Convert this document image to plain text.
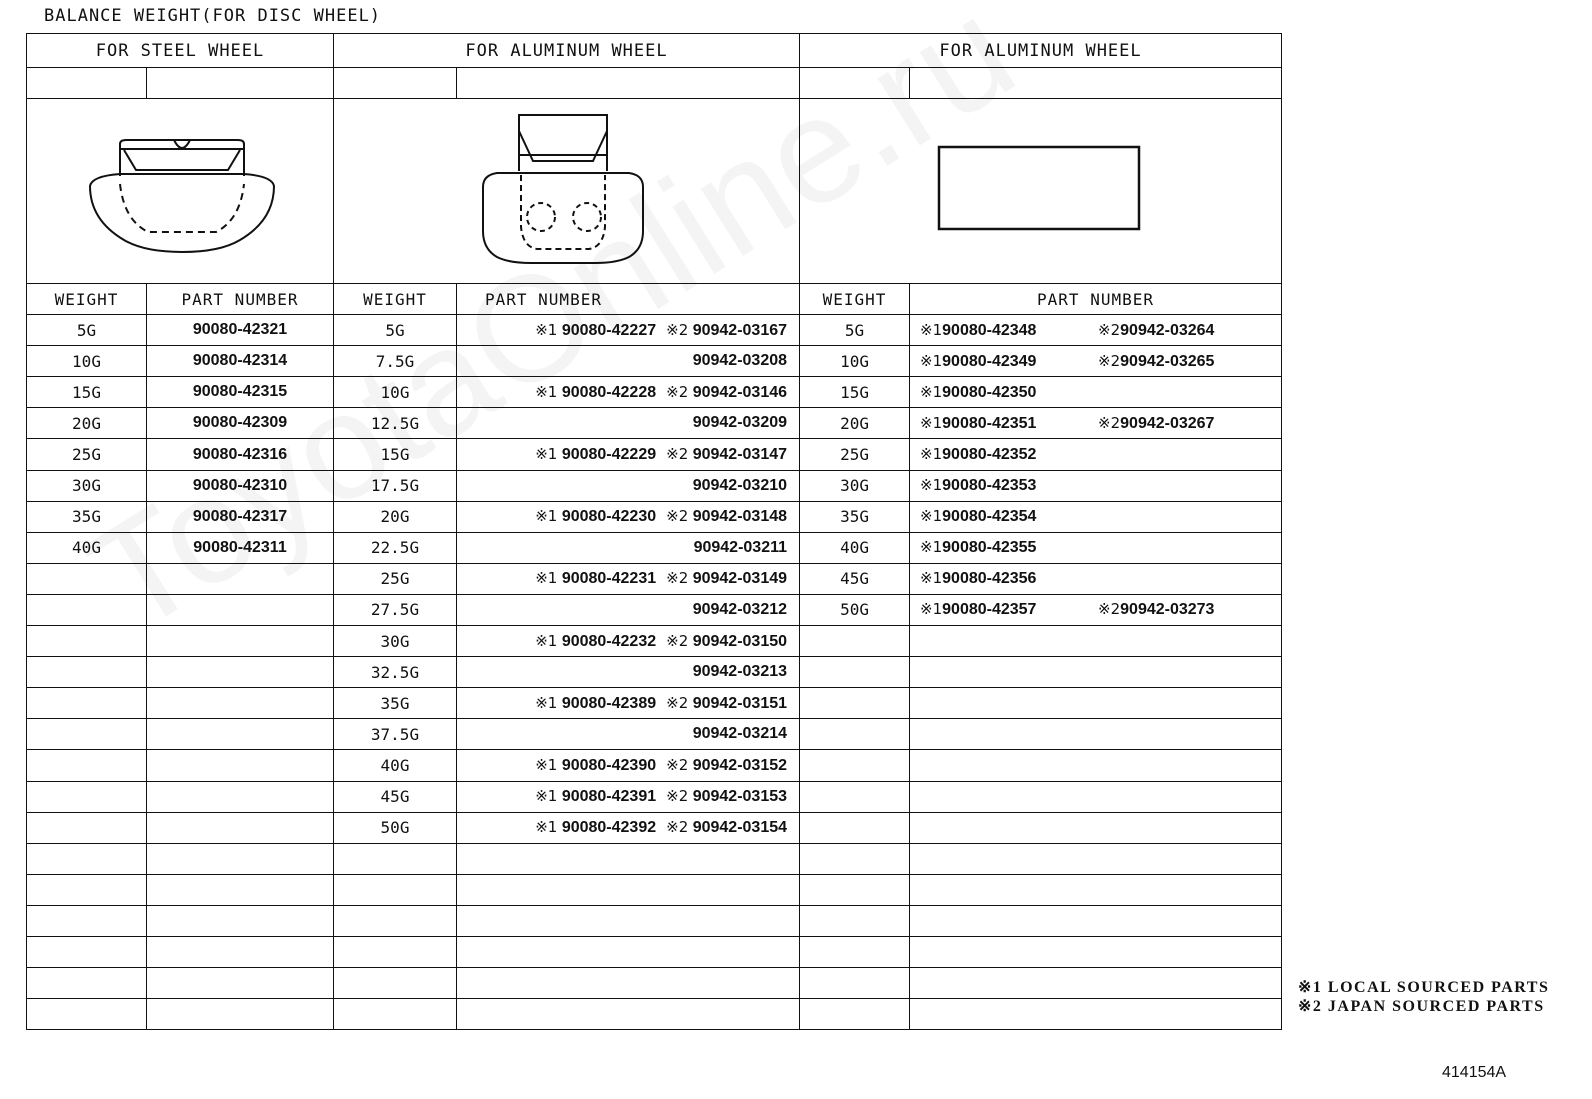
BALANCE WEIGHT(FOR DISC WHEEL)
FOR STEEL WHEEL		FOR ALUMINUM WHEEL		FOR ALUMINUM WHEEL	

WEIGHT	PART NUMBER	WEIGHT	PART NUMBER	WEIGHT	PART NUMBER
5G	90080-42321	5G	※1 90080-42227 ※2 90942-03167	5G	※190080-42348 ※290942-03264

10G	90080-42314	7.5G	90942-03208	10G	※190080-42349 ※290942-03265

15G	90080-42315	10G	※1 90080-42228 ※2 90942-03146	15G	※190080-42350

20G	90080-42309	12.5G	90942-03209	20G	※190080-42351 ※290942-03267

25G	90080-42316	15G	※1 90080-42229 ※2 90942-03147	25G	※190080-42352

30G	90080-42310	17.5G	90942-03210	30G	※190080-42353

35G	90080-42317	20G	※1 90080-42230 ※2 90942-03148	35G	※190080-42354

40G	90080-42311	22.5G	90942-03211	40G	※190080-42355

		25G	※1 90080-42231 ※2 90942-03149	45G	※190080-42356

		27.5G	90942-03212	50G	※190080-42357 ※290942-03273

		30G	※1 90080-42232 ※2 90942-03150		

		32.5G	90942-03213		

		35G	※1 90080-42389 ※2 90942-03151		

		37.5G	90942-03214		

		40G	※1 90080-42390 ※2 90942-03152		

		45G	※1 90080-42391 ※2 90942-03153		

		50G	※1 90080-42392 ※2 90942-03154		

※1 LOCAL SOURCED PARTS
※2 JAPAN SOURCED PARTS
414154A
